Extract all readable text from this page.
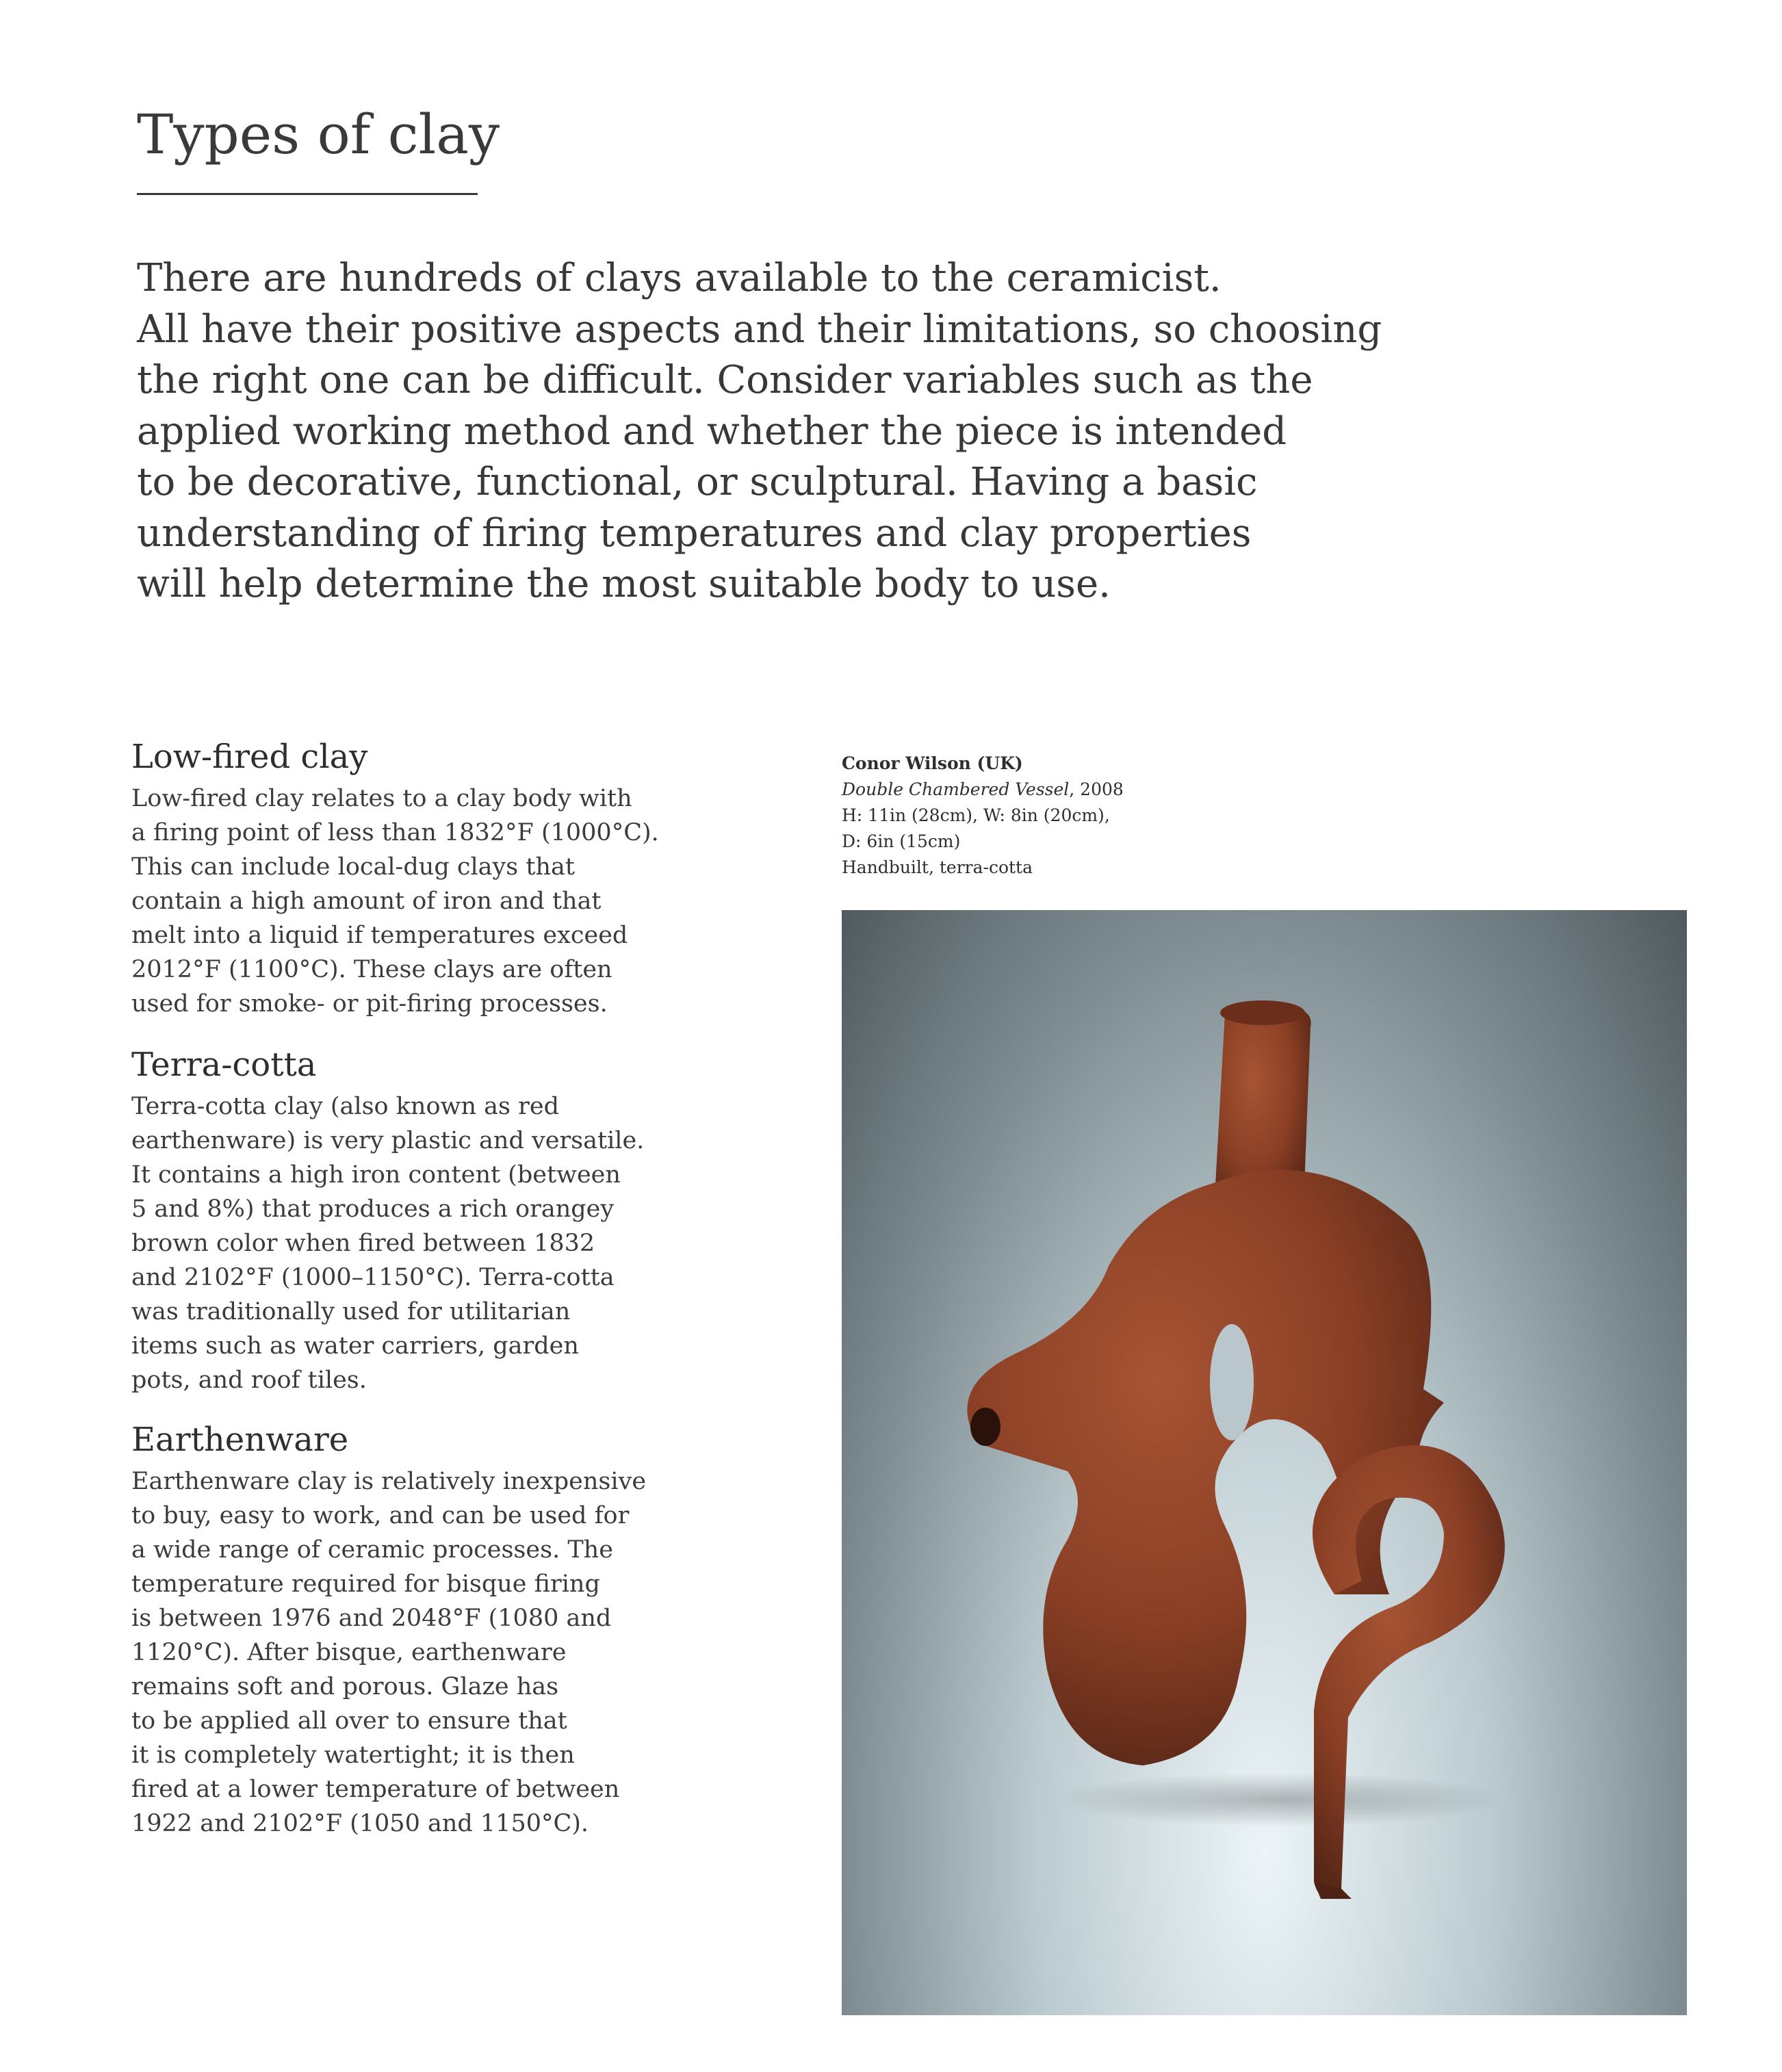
Types of clay
There are hundreds of clays available to the ceramicist.
All have their positive aspects and their limitations, so choosing
the right one can be difficult. Consider variables such as the
applied working method and whether the piece is intended
to be decorative, functional, or sculptural. Having a basic
understanding of firing temperatures and clay properties
will help determine the most suitable body to use.
Low-fired clay

Low-fired clay relates to a clay body with
a firing point of less than 1832°F (1000°C).
This can include local-dug clays that
contain a high amount of iron and that
melt into a liquid if temperatures exceed
2012°F (1100°C). These clays are often
used for smoke- or pit-firing processes.

Terra-cotta

Terra-cotta clay (also known as red
earthenware) is very plastic and versatile.
It contains a high iron content (between
5 and 8%) that produces a rich orangey
brown color when fired between 1832
and 2102°F (1000–1150°C). Terra-cotta
was traditionally used for utilitarian
items such as water carriers, garden
pots, and roof tiles.

Earthenware

Earthenware clay is relatively inexpensive
to buy, easy to work, and can be used for
a wide range of ceramic processes. The
temperature required for bisque firing
is between 1976 and 2048°F (1080 and
1120°C). After bisque, earthenware
remains soft and porous. Glaze has
to be applied all over to ensure that
it is completely watertight; it is then
fired at a lower temperature of between
1922 and 2102°F (1050 and 1150°C).

Conor Wilson (UK)
Double Chambered Vessel, 2008
H: 11in (28cm), W: 8in (20cm),
D: 6in (15cm)
Handbuilt, terra-cotta
